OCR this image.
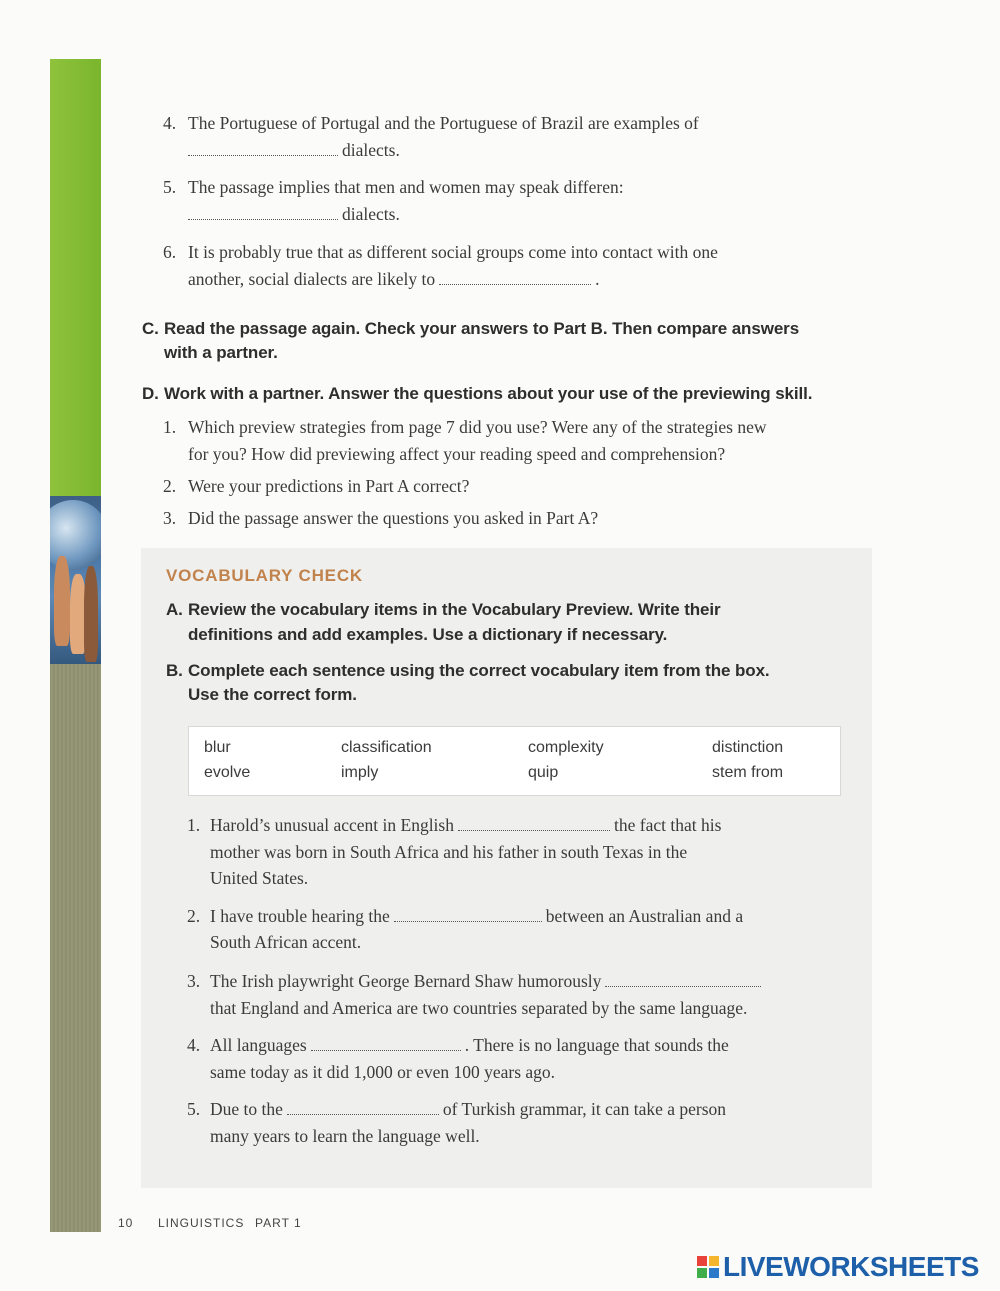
4. The Portuguese of Portugal and the Portuguese of Brazil are examples of
dialects.
5. The passage implies that men and women may speak differen:
dialects.
6. It is probably true that as different social groups come into contact with one
another, social dialects are likely to	.
C. Read the passage again. Check your answers to Part B. Then compare answers
with a partner.
D. Work with a partner. Answer the questions about your use of the previewing skill.
1. Which preview strategies from page 7 did you use? Were any of the strategies new
for you? How did previewing affect your reading speed and comprehension?
2. Were your predictions in Part A correct?
3. Did the passage answer the questions you asked in Part A?
VOCABULARY CHECK
A. Review the vocabulary items in the Vocabulary Preview. Write their
definitions and add examples. Use a dictionary if necessary.
B. Complete each sentence using the correct vocabulary item from the box.
Use the correct form.
blur	classification	complexity	distinction
evolve	imply	quip	stem from
1. Harold’s unusual accent in English	the fact that his
mother was born in South Africa and his father in south Texas in the
United States.
2. I have trouble hearing the	between an Australian and a
South African accent.
3. The Irish playwright George Bernard Shaw humorously
that England and America are two countries separated by the same language.
4. All languages	. There is no language that sounds the
same today as it did 1,000 or even 100 years ago.
5. Due to the	of Turkish grammar, it can take a person
many years to learn the language well.
10 LINGUISTICS PART 1
LIVEWORKSHEETS
